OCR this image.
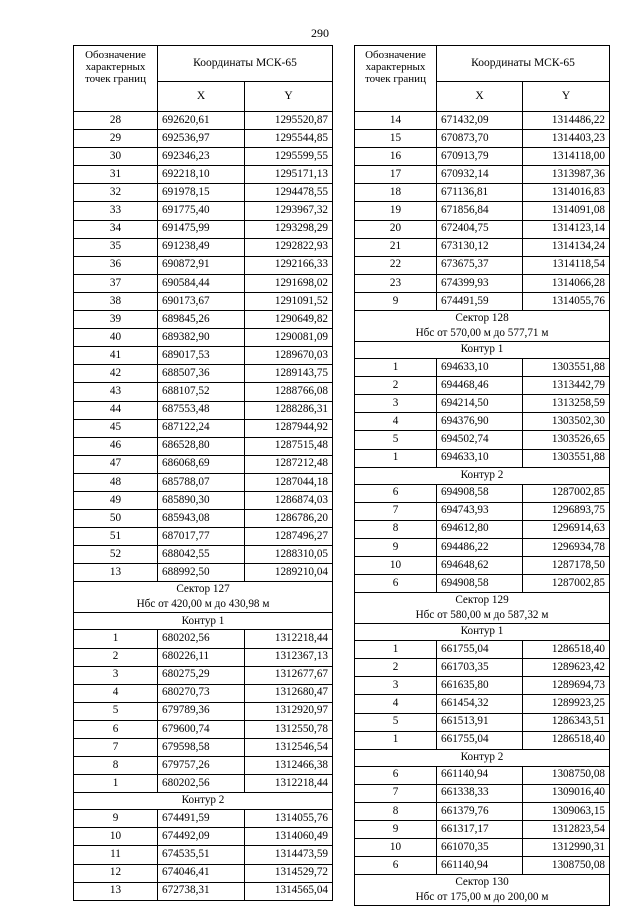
290
Обозначение характерных точек границ	Координаты МСК-65	
	X	Y
28	692620,61	1295520,87
29	692536,97	1295544,85
30	692346,23	1295599,55
31	692218,10	1295171,13
32	691978,15	1294478,55
33	691775,40	1293967,32
34	691475,99	1293298,29
35	691238,49	1292822,93
36	690872,91	1292166,33
37	690584,44	1291698,02
38	690173,67	1291091,52
39	689845,26	1290649,82
40	689382,90	1290081,09
41	689017,53	1289670,03
42	688507,36	1289143,75
43	688107,52	1288766,08
44	687553,48	1288286,31
45	687122,24	1287944,92
46	686528,80	1287515,48
47	686068,69	1287212,48
48	685788,07	1287044,18
49	685890,30	1286874,03
50	685943,08	1286786,20
51	687017,77	1287496,27
52	688042,55	1288310,05
13	688992,50	1289210,04

Сектор 127
Нбс от 420,00 м до 430,98 м		

Контур 1		
1	680202,56	1312218,44
2	680226,11	1312367,13
3	680275,29	1312677,67
4	680270,73	1312680,47
5	679789,36	1312920,97
6	679600,74	1312550,78
7	679598,58	1312546,54
8	679757,26	1312466,38
1	680202,56	1312218,44
Контур 2		
9	674491,59	1314055,76
10	674492,09	1314060,49
11	674535,51	1314473,59
12	674046,41	1314529,72
13	672738,31	1314565,04
Обозначение характерных точек границ	Координаты МСК-65	
	X	Y
14	671432,09	1314486,22
15	670873,70	1314403,23
16	670913,79	1314118,00
17	670932,14	1313987,36
18	671136,81	1314016,83
19	671856,84	1314091,08
20	672404,75	1314123,14
21	673130,12	1314134,24
22	673675,37	1314118,54
23	674399,93	1314066,28
9	674491,59	1314055,76

Сектор 128
Нбс от 570,00 м до 577,71 м		

Контур 1		
1	694633,10	1303551,88
2	694468,46	1313442,79
3	694214,50	1313258,59
4	694376,90	1303502,30
5	694502,74	1303526,65
1	694633,10	1303551,88
Контур 2		
6	694908,58	1287002,85
7	694743,93	1296893,75
8	694612,80	1296914,63
9	694486,22	1296934,78
10	694648,62	1287178,50
6	694908,58	1287002,85

Сектор 129
Нбс от 580,00 м до 587,32 м		

Контур 1		
1	661755,04	1286518,40
2	661703,35	1289623,42
3	661635,80	1289694,73
4	661454,32	1289923,25
5	661513,91	1286343,51
1	661755,04	1286518,40
Контур 2		
6	661140,94	1308750,08
7	661338,33	1309016,40
8	661379,76	1309063,15
9	661317,17	1312823,54
10	661070,35	1312990,31
6	661140,94	1308750,08

Сектор 130
Нбс от 175,00 м до 200,00 м		
